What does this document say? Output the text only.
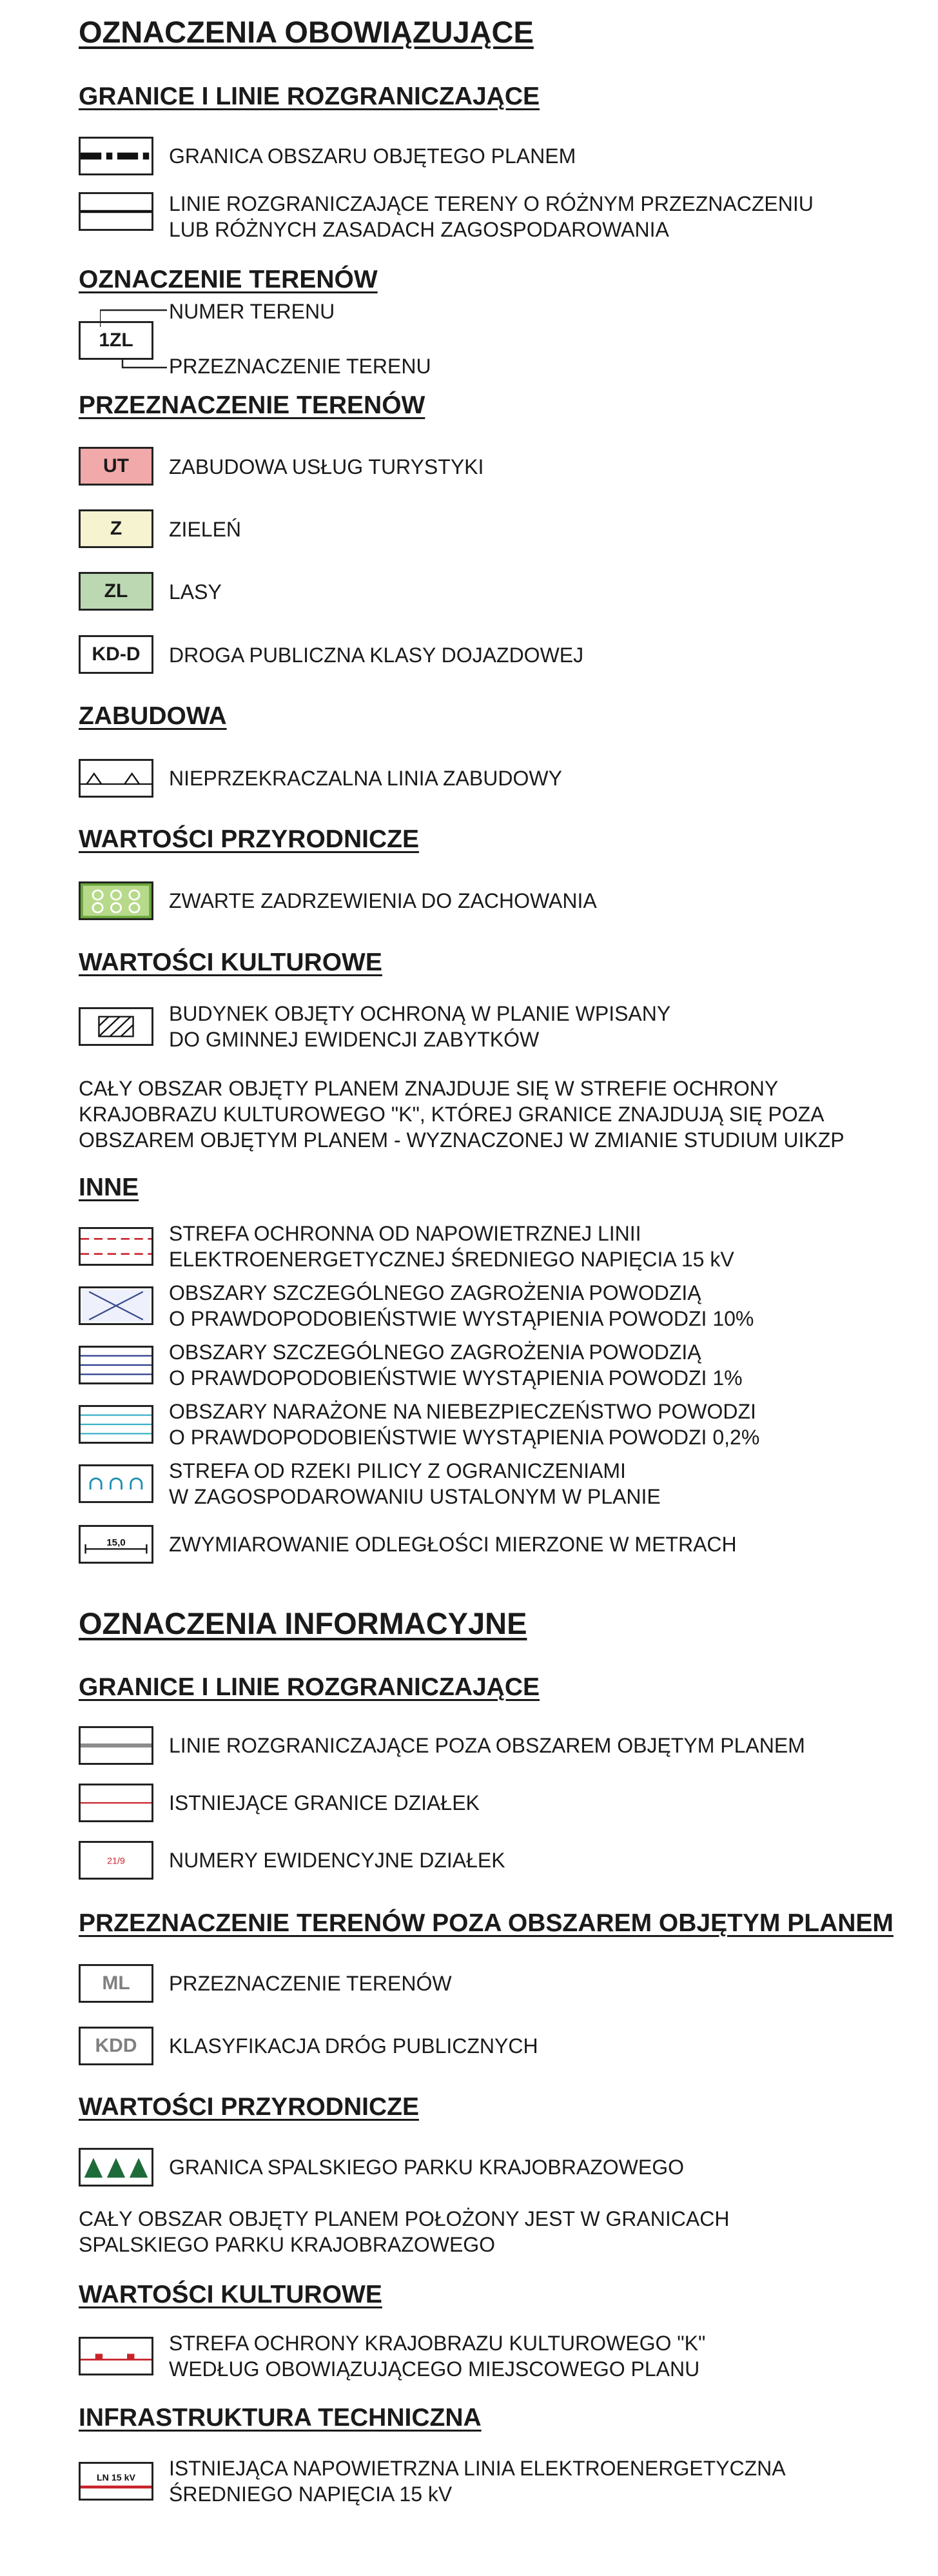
OZNACZENIA OBOWIĄZUJĄCE
GRANICE I LINIE ROZGRANICZAJĄCE
GRANICA OBSZARU OBJĘTEGO PLANEM
LINIE ROZGRANICZAJĄCE TERENY O RÓŻNYM PRZEZNACZENIU
LUB RÓŻNYCH ZASADACH ZAGOSPODAROWANIA
OZNACZENIE TERENÓW
1ZL
NUMER TERENU
PRZEZNACZENIE TERENU
PRZEZNACZENIE TERENÓW
UT	ZABUDOWA USŁUG TURYSTYKI
Z	ZIELEŃ
ZL	LASY
KD-D	DROGA PUBLICZNA KLASY DOJAZDOWEJ
ZABUDOWA
NIEPRZEKRACZALNA LINIA ZABUDOWY
WARTOŚCI PRZYRODNICZE
ZWARTE ZADRZEWIENIA DO ZACHOWANIA
WARTOŚCI KULTUROWE
BUDYNEK OBJĘTY OCHRONĄ W PLANIE WPISANY
DO GMINNEJ EWIDENCJI ZABYTKÓW
CAŁY OBSZAR OBJĘTY PLANEM ZNAJDUJE SIĘ W STREFIE OCHRONY
KRAJOBRAZU KULTUROWEGO "K", KTÓREJ GRANICE ZNAJDUJĄ SIĘ POZA
OBSZAREM OBJĘTYM PLANEM - WYZNACZONEJ W ZMIANIE STUDIUM UIKZP
INNE
STREFA OCHRONNA OD NAPOWIETRZNEJ LINII
ELEKTROENERGETYCZNEJ ŚREDNIEGO NAPIĘCIA 15 kV
OBSZARY SZCZEGÓLNEGO ZAGROŻENIA POWODZIĄ
O PRAWDOPODOBIEŃSTWIE WYSTĄPIENIA POWODZI 10%
OBSZARY SZCZEGÓLNEGO ZAGROŻENIA POWODZIĄ
O PRAWDOPODOBIEŃSTWIE WYSTĄPIENIA POWODZI 1%
OBSZARY NARAŻONE NA NIEBEZPIECZEŃSTWO POWODZI
O PRAWDOPODOBIEŃSTWIE WYSTĄPIENIA POWODZI 0,2%
STREFA OD RZEKI PILICY Z OGRANICZENIAMI
W ZAGOSPODAROWANIU USTALONYM W PLANIE
15,0 ZWYMIAROWANIE ODLEGŁOŚCI MIERZONE W METRACH
OZNACZENIA INFORMACYJNE
GRANICE I LINIE ROZGRANICZAJĄCE
LINIE ROZGRANICZAJĄCE POZA OBSZAREM OBJĘTYM PLANEM
ISTNIEJĄCE GRANICE DZIAŁEK
21/9 NUMERY EWIDENCYJNE DZIAŁEK
PRZEZNACZENIE TERENÓW POZA OBSZAREM OBJĘTYM PLANEM
ML	PRZEZNACZENIE TERENÓW
KDD	KLASYFIKACJA DRÓG PUBLICZNYCH
WARTOŚCI PRZYRODNICZE
GRANICA SPALSKIEGO PARKU KRAJOBRAZOWEGO
CAŁY OBSZAR OBJĘTY PLANEM POŁOŻONY JEST W GRANICACH
SPALSKIEGO PARKU KRAJOBRAZOWEGO
WARTOŚCI KULTUROWE
STREFA OCHRONY KRAJOBRAZU KULTUROWEGO "K"
WEDŁUG OBOWIĄZUJĄCEGO MIEJSCOWEGO PLANU
INFRASTRUKTURA TECHNICZNA
LN 15 kV ISTNIEJĄCA NAPOWIETRZNA LINIA ELEKTROENERGETYCZNA
ŚREDNIEGO NAPIĘCIA 15 kV
